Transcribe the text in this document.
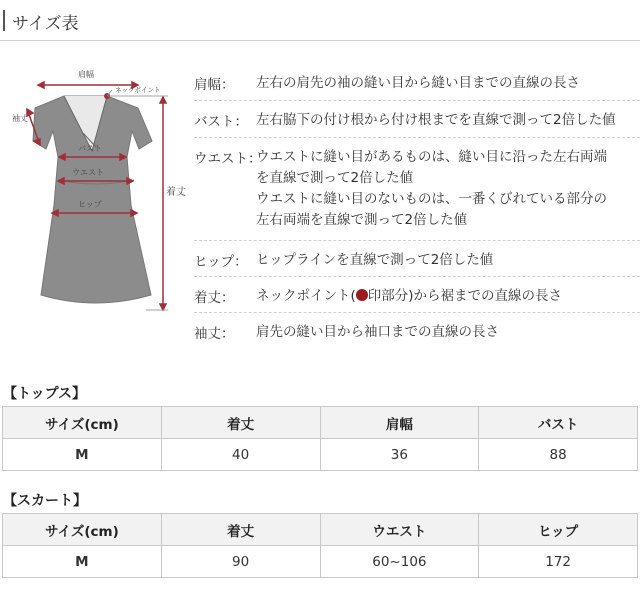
サイズ表
肩幅
ネックポイント
袖丈
バスト
ウエスト
ヒップ
着丈
肩幅： 左右の肩先の袖の縫い目から縫い目までの直線の長さ
バスト： 左右脇下の付け根から付け根までを直線で測って2倍した値
ウエスト：
ウエストに縫い目があるものは、縫い目に沿った左右両端
を直線で測って2倍した値
ウエストに縫い目のないものは、一番くびれている部分の
左右両端を直線で測って2倍した値
ヒップ： ヒップラインを直線で測って2倍した値
着丈： ネックポイント( 印部分)から裾までの直線の長さ
袖丈： 肩先の縫い目から袖口までの直線の長さ
【トップス】
サイズ(cm)	着丈	肩幅	バスト
M	40	36	88
【スカート】
サイズ(cm)	着丈	ウエスト	ヒップ
M	90	60~106	172
